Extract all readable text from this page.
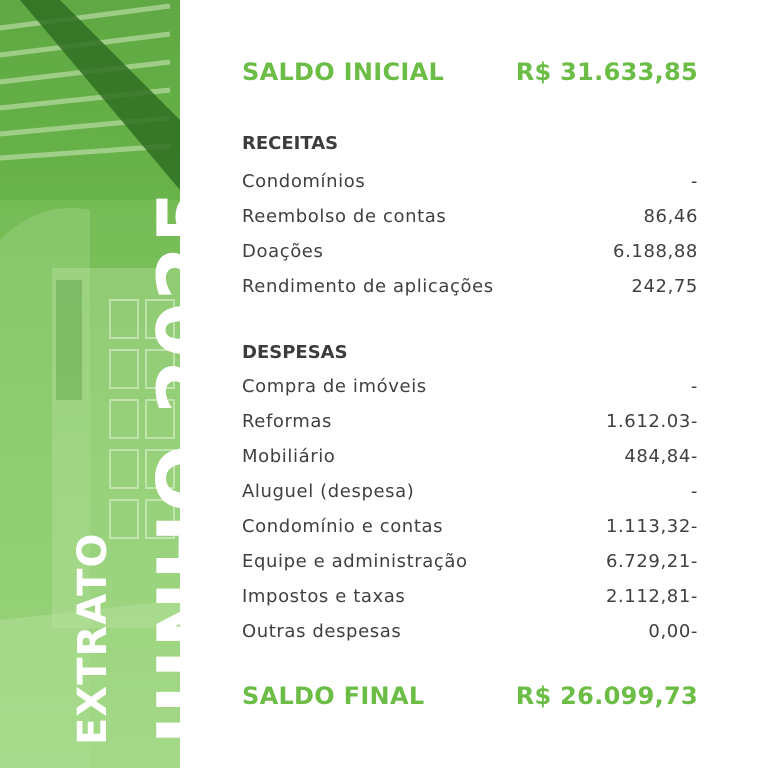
EXTRATO JUNHO 2025
SALDO INICIAL	R$ 31.633,85
RECEITAS
Condomínios	-
Reembolso de contas	86,46
Doações	6.188,88
Rendimento de aplicações	242,75
DESPESAS
Compra de imóveis	-
Reformas	1.612.03-
Mobiliário	484,84-
Aluguel (despesa)	-
Condomínio e contas	1.113,32-
Equipe e administração	6.729,21-
Impostos e taxas	2.112,81-
Outras despesas	0,00-
SALDO FINAL	R$ 26.099,73
